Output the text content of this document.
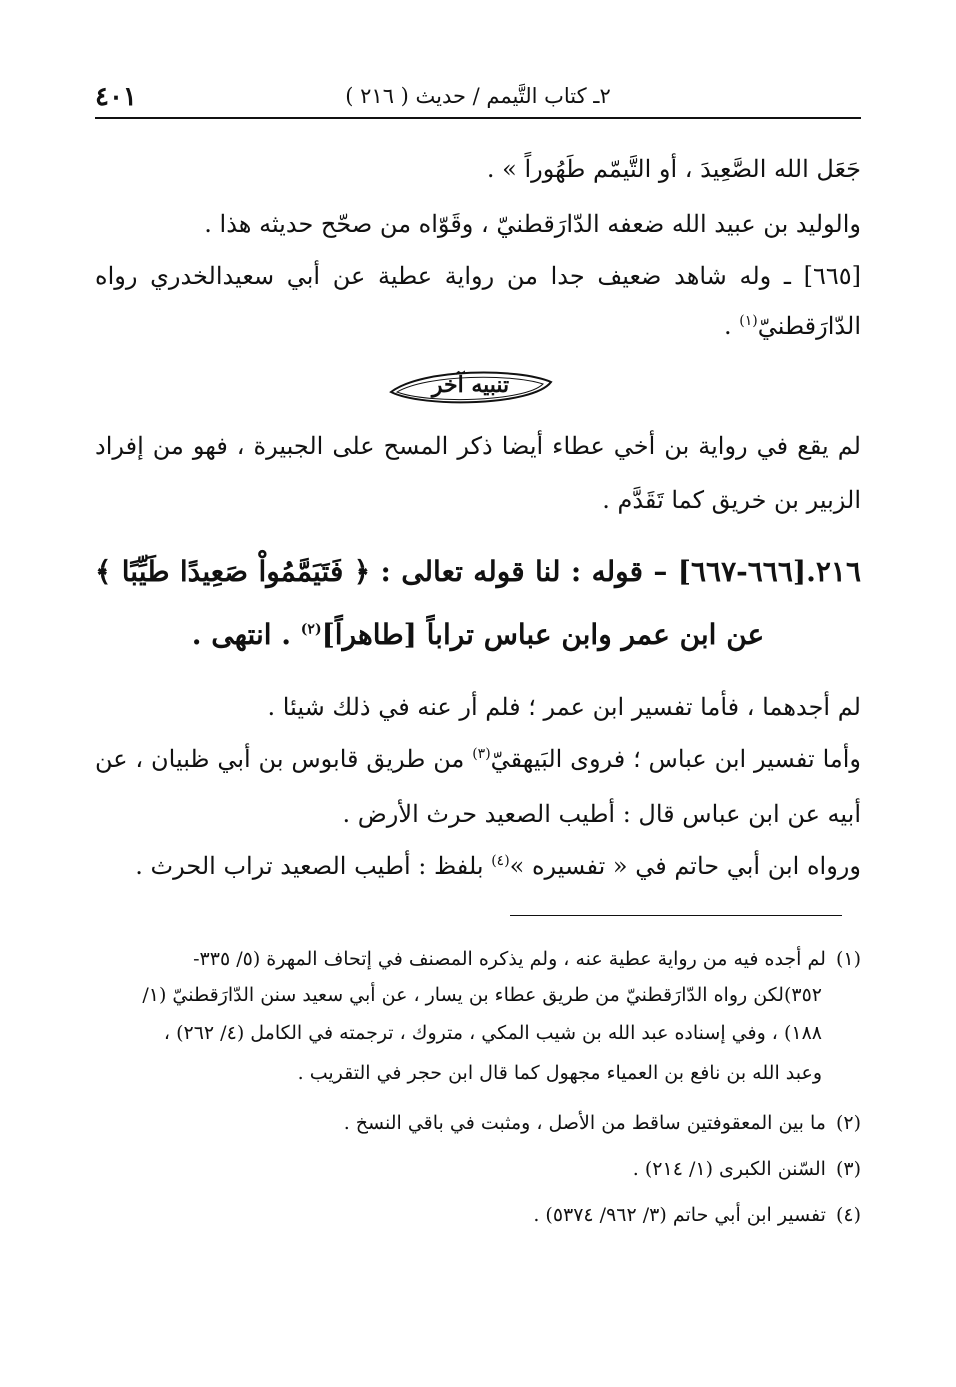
٢ـ كتاب التَّيمم / حديث ( ٢١٦ )
٤٠١
جَعَل الله الصَّعِيدَ ، أو التَّيمّم طَهُوراً » .
والوليد بن عبيد الله ضعفه الدّارَقطنيّ ، وقَوّاه من صحّح حديثه هذا .
[٦٦٥] ـ وله شاهد ضعيف جدا من رواية عطية عن أبي سعيدالخدري رواه
الدّارَقطنيّ$^{(١)}$ .
تنبيه آخر
لم يقع في رواية بن أخي عطاء أيضا ذكر المسح على الجبيرة ، فهو من إفراد
الزبير بن خريق كما تَقَدَّم .
٢١٦.[٦٦٦-٦٦٧] – قوله : لنا قوله تعالى : ﴿ فَتَيَمَّمُواْ صَعِيدًا طَيِّبًا ﴾
عن ابن عمر وابن عباس تراباً [طاهراً]$^{(٢)}$ . انتهى .
لم أجدهما ، فأما تفسير ابن عمر ؛ فلم أر عنه في ذلك شيئا .
وأما تفسير ابن عباس ؛ فروى البَيهقيّ$^{(٣)}$ من طريق قابوس بن أبي ظبيان ، عن
أبيه عن ابن عباس قال : أطيب الصعيد حرث الأرض .
ورواه ابن أبي حاتم في « تفسيره »$^{(٤)}$ بلفظ : أطيب الصعيد تراب الحرث .
(١)لم أجده فيه من رواية عطية عنه ، ولم يذكره المصنف في إتحاف المهرة (٥/ ٣٣٥-
٣٥٢)لكن رواه الدّارَقطنيّ من طريق عطاء بن يسار ، عن أبي سعيد سنن الدّارَقطنيّ (١/
١٨٨) ، وفي إسناده عبد الله بن شيب المكي ، متروك ، ترجمته في الكامل (٤/ ٢٦٢) ،
وعبد الله بن نافع بن العمياء مجهول كما قال ابن حجر في التقريب .
(٢)ما بين المعقوفتين ساقط من الأصل ، ومثبت في باقي النسخ .
(٣)السّنن الكبرى (١/ ٢١٤) .
(٤)تفسير ابن أبي حاتم (٣/ ٩٦٢/ ٥٣٧٤) .
